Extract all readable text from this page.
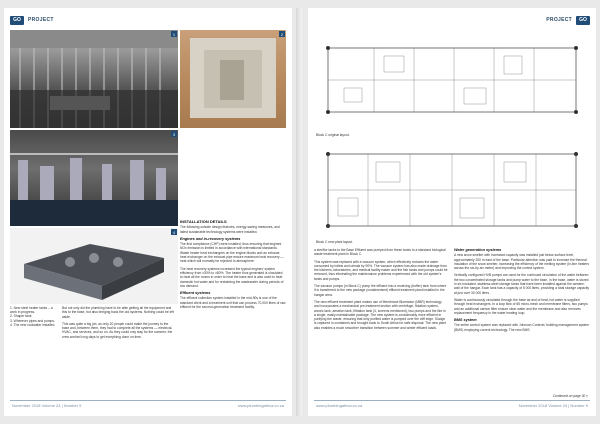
GO	PROJECT
1	2
3
4
1. New steel heater tanks – a work in progress.
2. Shaper tank.
3. Wherever pipes and pumps.
4. The new coolwater installed.

But not only did the plumbing have to be able getting all the equipment and this to the base, but also bringing back the old systems. Nothing could be left aside.

This was quite a big job, as only 20 people could make the journey to the base and, between them, they had to complete all the systems — electrical, HVAC, and services, and so on. As they could only stay for the summer, the crew worked long days to get everything done on time.

INSTALLATION DETAILS

The following outside design features, energy-saving measures, and latest sustainable technology systems were installed.

Engines and in-recovery systems

The first compliance (CHP) were installed, thus ensuring that engines' NOx emission is limited in accordance with international standards. Waste heater heat exchangers on the engine blocks and an exhaust heat exchanger on the exhaust pipe ensure maximum heat recovery — heat which will normally be rejected to atmosphere.

The heat recovery systems increased the typical engines' system efficiency from ±30% to ±80%. The heater thus generated is circulated to heat all the rooms in order to heat the base and is also used to heat domestic hot water and for reclaiming the wastewater during periods of low demand.

Effluent systems

The effluent collection system installed in the mid-90s is one of the standard client and a treatment unit that can process 70,000 litres of raw effluent for the second-generation treatment facility.

November 2018 Volume 24 | Number 9	www.plumbingafrica.co.za
PROJECT	GO
Block C original layout.
Block C new plant layout.

a steriflor tanks to the Base Effluent was pumped from these tanks to a standard biological waste treatment plant in Block C.

This system was replaced with a vacuum system, which effectively reduces the water consumed by toilets and urinals by 90%. The vacuum system has also made drainage from the kitchens, laboratories, and medical facility easier and the fish tanks and pumps could be removed, thus eliminating the maintenance problems experienced with the old system's tanks and pumps.

The vacuum pumps (in Block C) pump the effluent into a receiving (buffer) tank from where it is transferred to the new package (containerised) effluent treatment plant installed in the hangar area.

The new effluent treatment plant makes use of Membrane Bioreactor (MBR) technology and incorporates a mechanical pre-treatment section with centrifuge, flotation system, anoxic tank, aeration tank, filtration tank (4, screens mentioned), two pumps and the like in a single, easily maintainable package. The new system is considerably more efficient in purifying the waste, ensuring that only purified water is pumped over the cliff edge. Sludge is captured in containers and brought back to South Africa for safe disposal. The new plant also enables a much smoother transition between summer and winter effluent loads.

Water generation systems

A new snow smelter with increased capacity was installed just below surface level, approximately 200 m east of the base. Particular attention was paid to increase the thermal insulation of the snow smelter, increasing the efficiency of the melting system (in-line heaters across the six-by-six metre) and improving the control system.

Vertically configured HVB pumps are used for the continued circulation of the water between the two concentrated storage tanks and pump water to the base. In the base, water is stored in six insulated, stainless-steel storage tanks that have been installed against the western wall of the hangar. Each tank has a capacity of 5 000 litres, providing a total storage capacity at just over 30 000 litres.

Water is continuously circulated through the base as and of heat, hot water is supplied through heat exchangers. In a loop flow of 65 micro-mesh and membrane filters, two pumps and an additional carbon filter ensure clear water and the membrane and also removes replacement frequency in the water heating loop.

BMS system

The entire control system was replaced with Johnson Controls' building management system (BMS) employing current technology. The new BMS

Continued on page 30 »
www.plumbingafrica.co.za	November 2018 Volume 24 | Number 9
